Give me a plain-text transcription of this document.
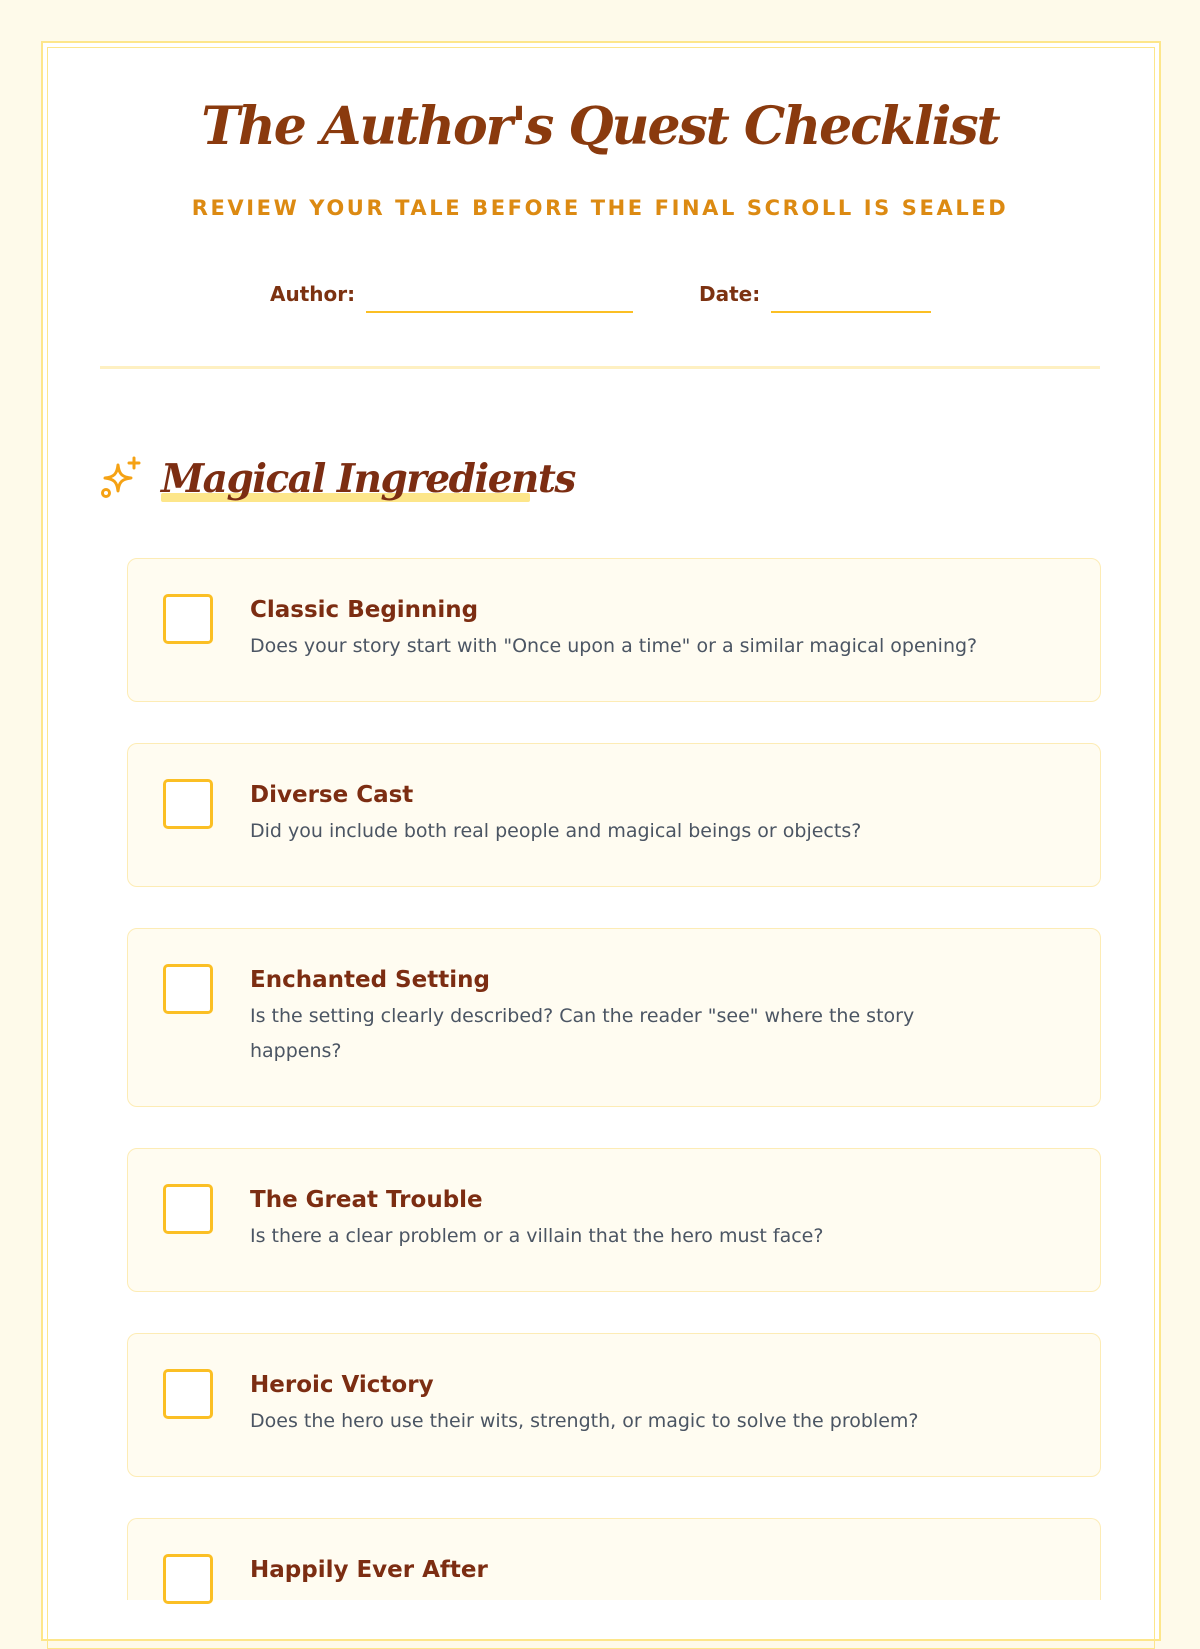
The Author's Quest Checklist
REVIEW YOUR TALE BEFORE THE FINAL SCROLL IS SEALED
Author:	Date:
Magical Ingredients
Classic Beginning
Does your story start with "Once upon a time" or a similar magical opening?
Diverse Cast
Did you include both real people and magical beings or objects?
Enchanted Setting
Is the setting clearly described? Can the reader "see" where the story happens?
The Great Trouble
Is there a clear problem or a villain that the hero must face?
Heroic Victory
Does the hero use their wits, strength, or magic to solve the problem?
Happily Ever After
